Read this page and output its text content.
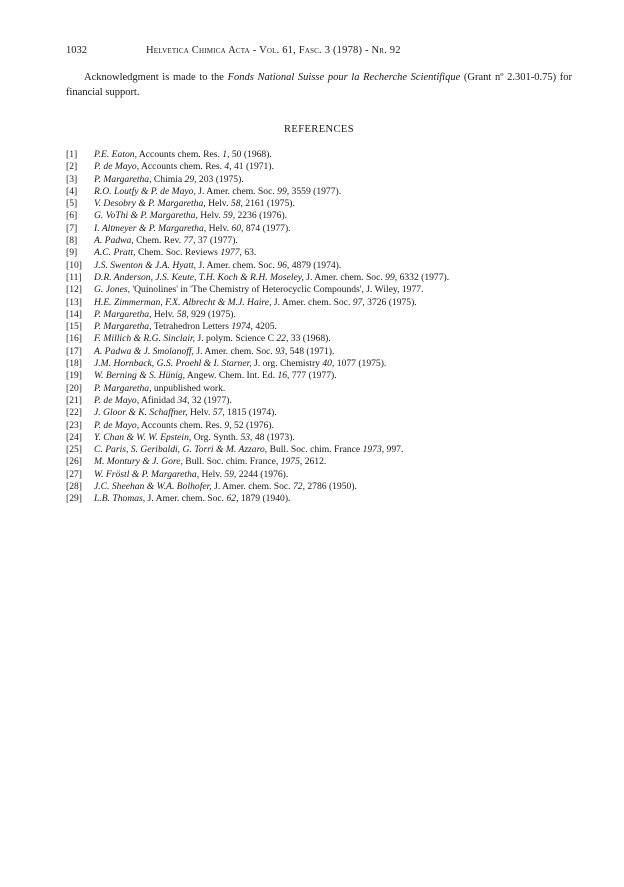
1032	Helvetica Chimica Acta - Vol. 61, Fasc. 3 (1978) - Nr. 92

Acknowledgment is made to the Fonds National Suisse pour la Recherche Scientifique (Grant nº 2.301-0.75) for financial support.

REFERENCES
[1]	P.E. Eaton, Accounts chem. Res. 1, 50 (1968).
[2]	P. de Mayo, Accounts chem. Res. 4, 41 (1971).
[3]	P. Margaretha, Chimia 29, 203 (1975).
[4]	R.O. Loutfy & P. de Mayo, J. Amer. chem. Soc. 99, 3559 (1977).
[5]	V. Desobry & P. Margaretha, Helv. 58, 2161 (1975).
[6]	G. VoThi & P. Margaretha, Helv. 59, 2236 (1976).
[7]	I. Altmeyer & P. Margaretha, Helv. 60, 874 (1977).
[8]	A. Padwa, Chem. Rev. 77, 37 (1977).
[9]	A.C. Pratt, Chem. Soc. Reviews 1977, 63.
[10]	J.S. Swenton & J.A. Hyatt, J. Amer. chem. Soc. 96, 4879 (1974).
[11]	D.R. Anderson, J.S. Keute, T.H. Koch & R.H. Moseley, J. Amer. chem. Soc. 99, 6332 (1977).
[12]	G. Jones, 'Quinolines' in 'The Chemistry of Heterocyclic Compounds', J. Wiley, 1977.
[13]	H.E. Zimmerman, F.X. Albrecht & M.J. Haire, J. Amer. chem. Soc. 97, 3726 (1975).
[14]	P. Margaretha, Helv. 58, 929 (1975).
[15]	P. Margaretha, Tetrahedron Letters 1974, 4205.
[16]	F. Millich & R.G. Sinclair, J. polym. Science C 22, 33 (1968).
[17]	A. Padwa & J. Smolanoff, J. Amer. chem. Soc. 93, 548 (1971).
[18]	J.M. Hornback, G.S. Proehl & I. Starner, J. org. Chemistry 40, 1077 (1975).
[19]	W. Berning & S. Hünig, Angew. Chem. Int. Ed. 16, 777 (1977).
[20]	P. Margaretha, unpublished work.
[21]	P. de Mayo, Afinidad 34, 32 (1977).
[22]	J. Gloor & K. Schaffner, Helv. 57, 1815 (1974).
[23]	P. de Mayo, Accounts chem. Res. 9, 52 (1976).
[24]	Y. Chan & W. W. Epstein, Org. Synth. 53, 48 (1973).
[25]	C. Paris, S. Geribaldi, G. Torri & M. Azzaro, Bull. Soc. chim. France 1973, 997.
[26]	M. Montury & J. Gore, Bull. Soc. chim. France, 1975, 2612.
[27]	W. Fröstl & P. Margaretha, Helv. 59, 2244 (1976).
[28]	J.C. Sheehan & W.A. Bolhofer, J. Amer. chem. Soc. 72, 2786 (1950).
[29]	L.B. Thomas, J. Amer. chem. Soc. 62, 1879 (1940).
